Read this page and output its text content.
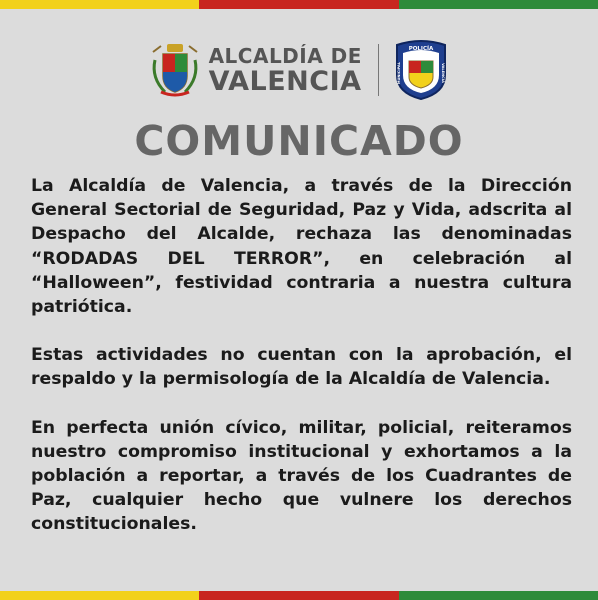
ALCALDÍA DE
VALENCIA
POLICÍA
MUNICIPAL	VALENCIA
COMUNICADO

La Alcaldía de Valencia, a través de la Dirección General Sectorial de Seguridad, Paz y Vida, adscrita al Despacho del Alcalde, rechaza las denominadas “RODADAS DEL TERROR”, en celebración al “Halloween”, festividad contraria a nuestra cultura patriótica.

Estas actividades no cuentan con la aprobación, el respaldo y la permisología de la Alcaldía de Valencia.

En perfecta unión cívico, militar, policial, reiteramos nuestro compromiso institucional y exhortamos a la población a reportar, a través de los Cuadrantes de Paz, cualquier hecho que vulnere los derechos constitucionales.
